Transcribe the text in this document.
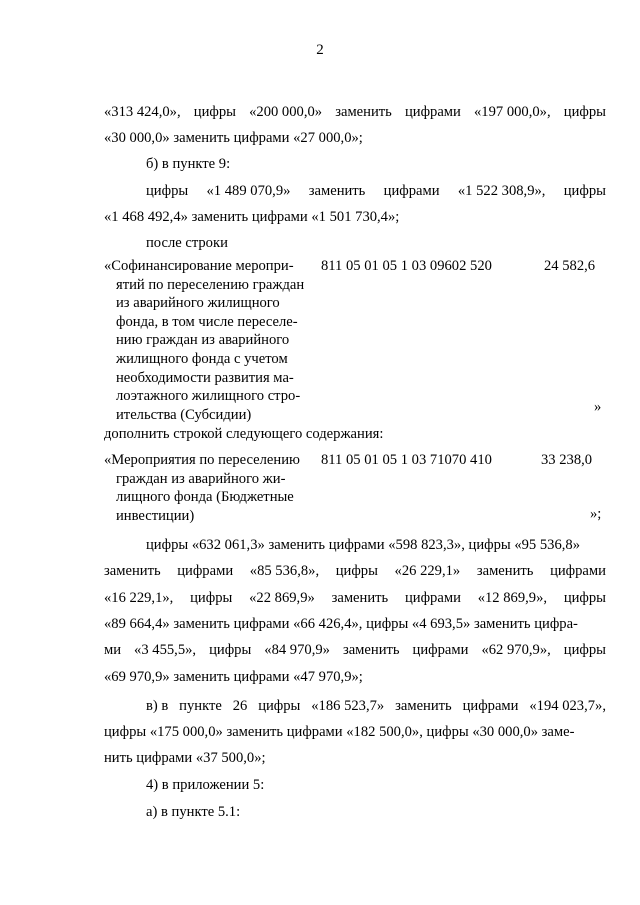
2
«313 424,0», цифры «200 000,0» заменить цифрами «197 000,0», цифры
«30 000,0» заменить цифрами «27 000,0»;
б) в пункте 9:
цифры «1 489 070,9» заменить цифрами «1 522 308,9», цифры
«1 468 492,4» заменить цифрами «1 501 730,4»;
после строки
«Софинансирование меропри-
ятий по переселению граждан
из аварийного жилищного
фонда, в том числе переселе-
нию граждан из аварийного
жилищного фонда с учетом
необходимости развития ма-
лоэтажного жилищного стро-
ительства (Субсидии)
811 05 01 05 1 03 09602 520	24 582,6
»
дополнить строкой следующего содержания:
«Мероприятия по переселению
граждан из аварийного жи-
лищного фонда (Бюджетные
инвестиции)
811 05 01 05 1 03 71070 410	33 238,0
»;
цифры «632 061,3» заменить цифрами «598 823,3», цифры «95 536,8»
заменить цифрами «85 536,8», цифры «26 229,1» заменить цифрами
«16 229,1», цифры «22 869,9» заменить цифрами «12 869,9», цифры
«89 664,4» заменить цифрами «66 426,4», цифры «4 693,5» заменить цифра-
ми «3 455,5», цифры «84 970,9» заменить цифрами «62 970,9», цифры
«69 970,9» заменить цифрами «47 970,9»;
в) в пункте 26 цифры «186 523,7» заменить цифрами «194 023,7»,
цифры «175 000,0» заменить цифрами «182 500,0», цифры «30 000,0» заме-
нить цифрами «37 500,0»;
4) в приложении 5:
а) в пункте 5.1:
